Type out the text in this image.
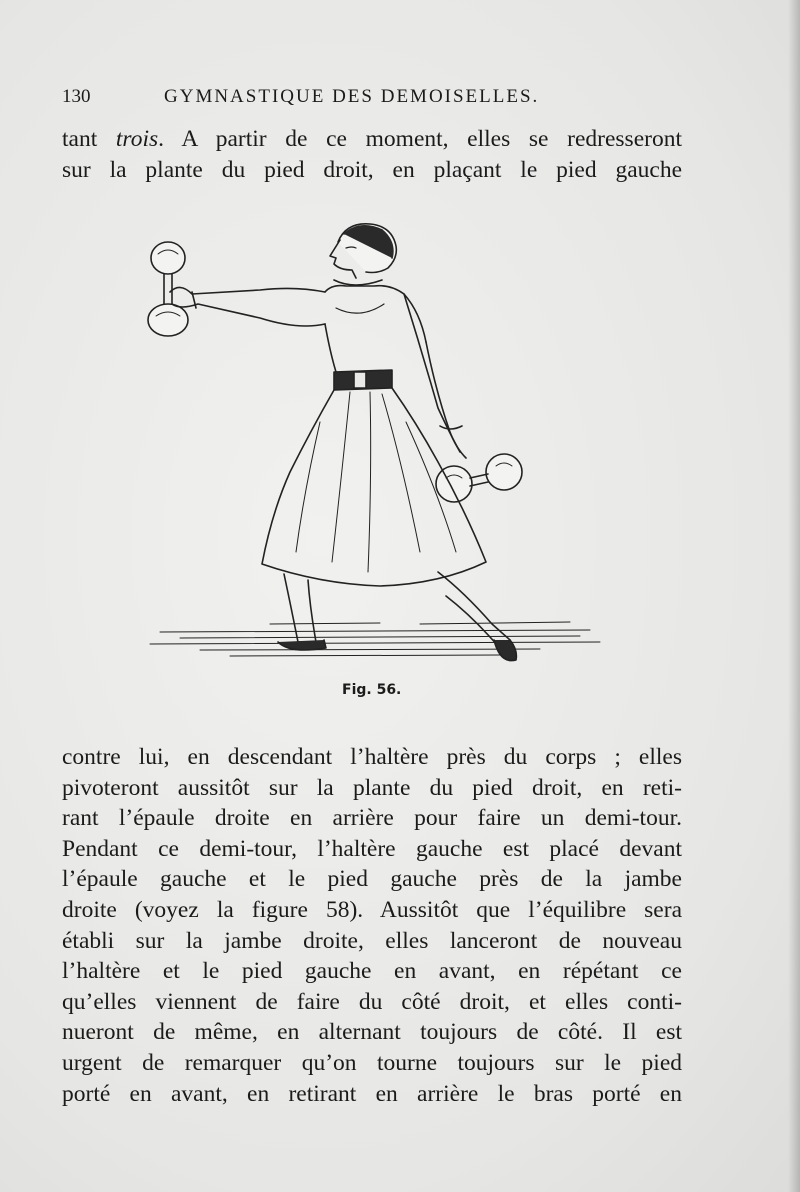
130	GYMNASTIQUE DES DEMOISELLES.
tant trois. A partir de ce moment, elles se redresseront
sur la plante du pied droit, en plaçant le pied gauche
Fig. 56.
contre lui, en descendant l’haltère près du corps ; elles
pivoteront aussitôt sur la plante du pied droit, en reti-
rant l’épaule droite en arrière pour faire un demi-tour.
Pendant ce demi-tour, l’haltère gauche est placé devant
l’épaule gauche et le pied gauche près de la jambe
droite (voyez la figure 58). Aussitôt que l’équilibre sera
établi sur la jambe droite, elles lanceront de nouveau
l’haltère et le pied gauche en avant, en répétant ce
qu’elles viennent de faire du côté droit, et elles conti-
nueront de même, en alternant toujours de côté. Il est
urgent de remarquer qu’on tourne toujours sur le pied
porté en avant, en retirant en arrière le bras porté en
